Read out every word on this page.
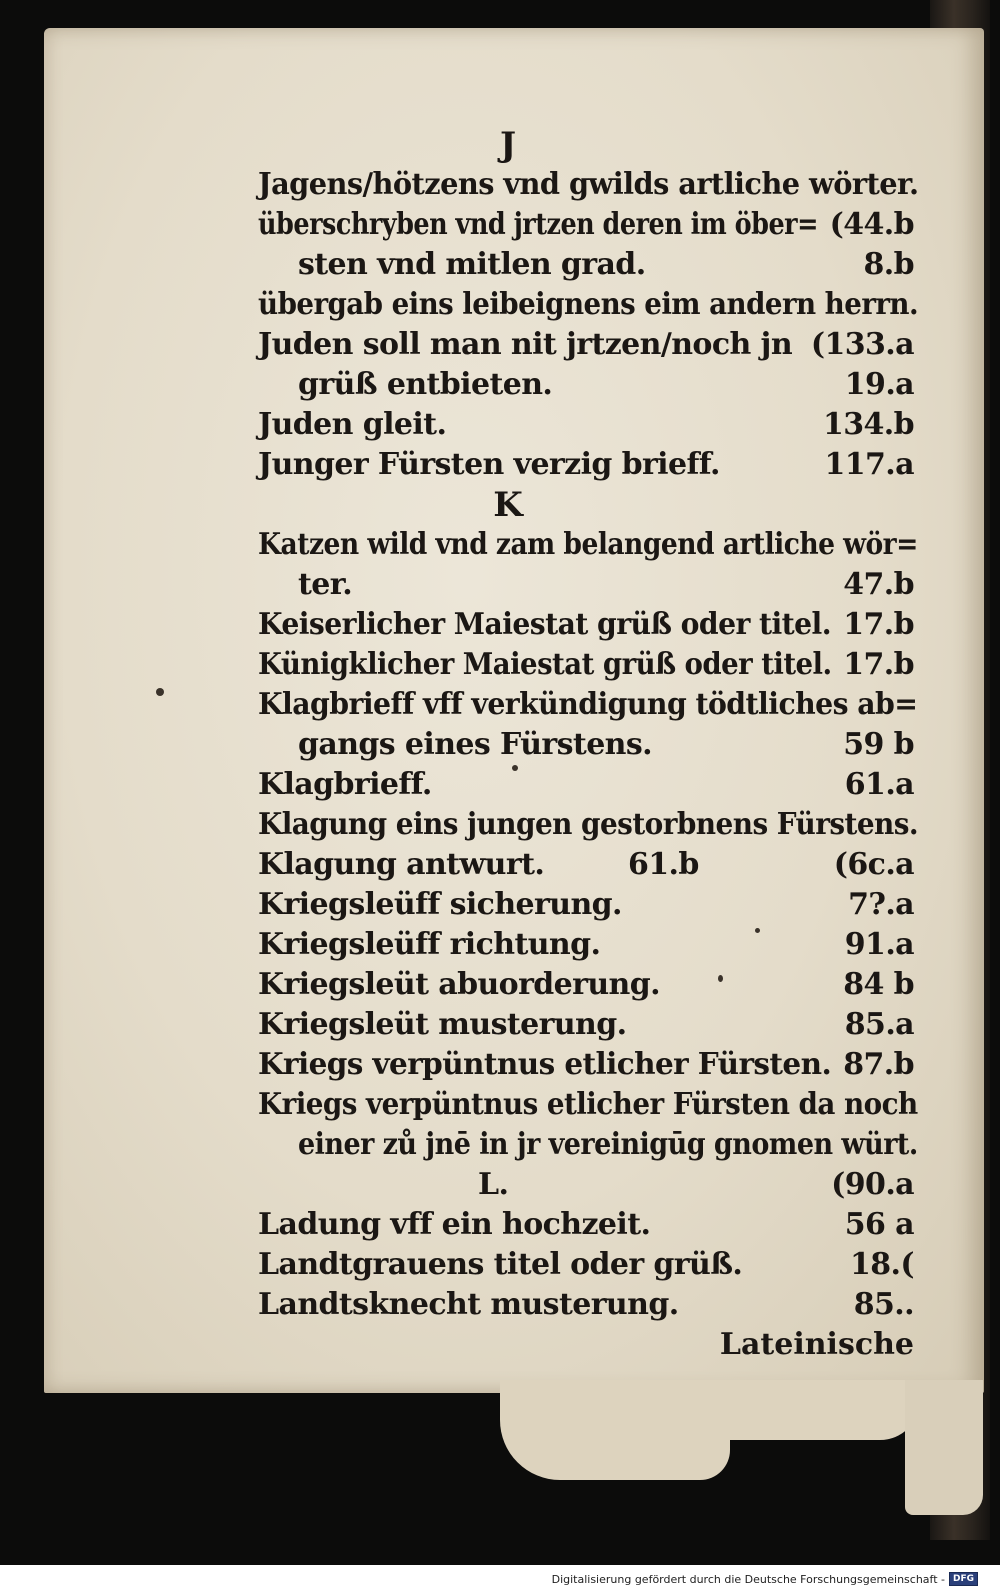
J
Jagens/hötzens vnd gwilds artliche wörter.
überschryben vnd jrtzen deren im öber= (44.b
sten vnd mitlen grad.	8.b
übergab eins leibeignens eim andern herrn.
Juden soll man nit jrtzen/noch jn (133.a
grüß entbieten.	19.a
Juden gleit.	134.b
Junger Fürsten verzig brieff.	117.a
K
Katzen wild vnd zam belangend artliche wör=
ter.	47.b
Keiserlicher Maiestat grüß oder titel. 17.b
Künigklicher Maiestat grüß oder titel. 17.b
Klagbrieff vff verkündigung tödtliches ab=
gangs eines Fürstens.	59 b
Klagbrieff.	61.a
Klagung eins jungen gestorbnens Fürstens.
Klagung antwurt.	61.b	(6c.a
Kriegsleüff sicherung.	7?.a
Kriegsleüff richtung.	91.a
Kriegsleüt abuorderung.	84 b
Kriegsleüt musterung.	85.a
Kriegs verpüntnus etlicher Fürsten. 87.b
Kriegs verpüntnus etlicher Fürsten da noch
einer zů jnē in jr vereinigūg gnomen würt.
L.	(90.a
Ladung vff ein hochzeit.	56 a
Landtgrauens titel oder grüß.	18.(
Landtsknecht musterung.	85..
Lateinische
Digitalisierung gefördert durch die Deutsche Forschungsgemeinschaft - DFG
